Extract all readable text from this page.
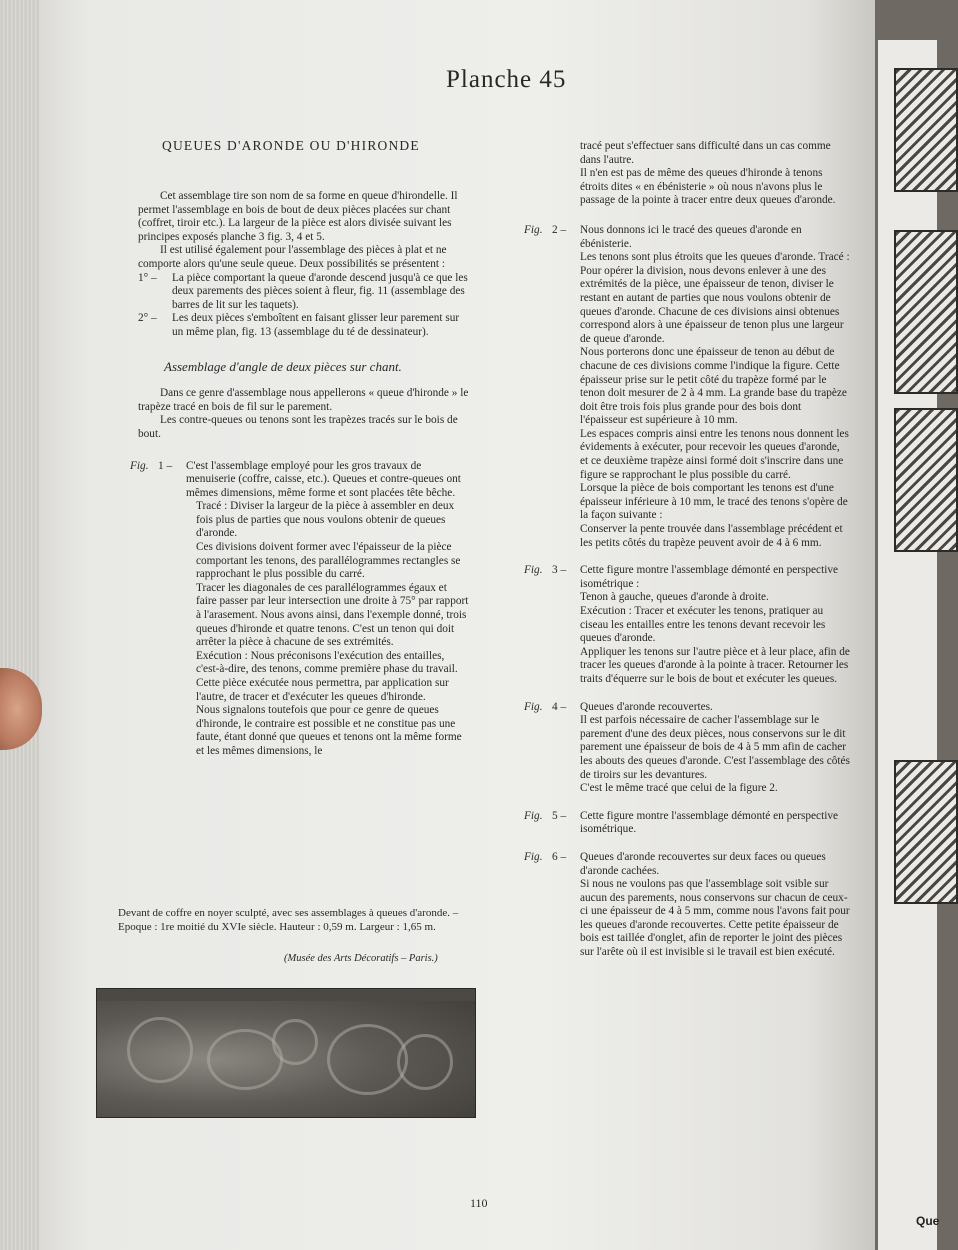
Que
Planche 45
QUEUES D'ARONDE OU D'HIRONDE

Cet assemblage tire son nom de sa forme en queue d'hirondelle. Il permet l'assemblage en bois de bout de deux pièces placées sur chant (coffret, tiroir etc.). La largeur de la pièce est alors divisée suivant les principes exposés planche 3 fig. 3, 4 et 5.

Il est utilisé également pour l'assemblage des pièces à plat et ne comporte alors qu'une seule queue. Deux possibilités se présentent :

1° – La pièce comportant la queue d'aronde descend jusqu'à ce que les deux parements des pièces soient à fleur, fig. 11 (assemblage des barres de lit sur les taquets).
2° – Les deux pièces s'emboîtent en faisant glisser leur parement sur un même plan, fig. 13 (assemblage du té de dessinateur).
Assemblage d'angle de deux pièces sur chant.

Dans ce genre d'assemblage nous appellerons « queue d'hironde » le trapèze tracé en bois de fil sur le parement.

Les contre-queues ou tenons sont les trapèzes tracés sur le bois de bout.

Fig. 1 – C'est l'assemblage employé pour les gros travaux de menuiserie (coffre, caisse, etc.). Queues et contre-queues ont mêmes dimensions, même forme et sont placées tête bêche.

Tracé : Diviser la largeur de la pièce à assembler en deux fois plus de parties que nous voulons obtenir de queues d'aronde.

Ces divisions doivent former avec l'épaisseur de la pièce comportant les tenons, des parallélogrammes rectangles se rapprochant le plus possible du carré.

Tracer les diagonales de ces parallélogrammes égaux et faire passer par leur intersection une droite à 75° par rapport à l'arasement. Nous avons ainsi, dans l'exemple donné, trois queues d'hironde et quatre tenons. C'est un tenon qui doit arrêter la pièce à chacune de ses extrémités.

Exécution : Nous préconisons l'exécution des entailles, c'est-à-dire, des tenons, comme première phase du travail. Cette pièce exécutée nous permettra, par application sur l'autre, de tracer et d'exécuter les queues d'hironde.

Nous signalons toutefois que pour ce genre de queues d'hironde, le contraire est possible et ne constitue pas une faute, étant donné que queues et tenons ont la même forme et les mêmes dimensions, le

Devant de coffre en noyer sculpté, avec ses assemblages à queues d'aronde. – Epoque : 1re moitié du XVIe siècle. Hauteur : 0,59 m. Largeur : 1,65 m.
(Musée des Arts Décoratifs – Paris.)

tracé peut s'effectuer sans difficulté dans un cas comme dans l'autre.

Il n'en est pas de même des queues d'hironde à tenons étroits dites « en ébénisterie » où nous n'avons plus le passage de la pointe à tracer entre deux queues d'aronde.

Fig. 2 – Nous donnons ici le tracé des queues d'aronde en ébénisterie.

Les tenons sont plus étroits que les queues d'aronde. Tracé : Pour opérer la division, nous devons enlever à une des extrémités de la pièce, une épaisseur de tenon, diviser le restant en autant de parties que nous voulons obtenir de queues d'aronde. Chacune de ces divisions ainsi obtenues correspond alors à une épaisseur de tenon plus une largeur de queue d'aronde.

Nous porterons donc une épaisseur de tenon au début de chacune de ces divisions comme l'indique la figure. Cette épaisseur prise sur le petit côté du trapèze formé par le tenon doit mesurer de 2 à 4 mm. La grande base du trapèze doit être trois fois plus grande pour des bois dont l'épaisseur est supérieure à 10 mm.

Les espaces compris ainsi entre les tenons nous donnent les évidements à exécuter, pour recevoir les queues d'aronde, et ce deuxième trapèze ainsi formé doit s'inscrire dans une figure se rapprochant le plus possible du carré.

Lorsque la pièce de bois comportant les tenons est d'une épaisseur inférieure à 10 mm, le tracé des tenons s'opère de la façon suivante :

Conserver la pente trouvée dans l'assemblage précédent et les petits côtés du trapèze peuvent avoir de 4 à 6 mm.

Fig. 3 – Cette figure montre l'assemblage démonté en perspective isométrique :

Tenon à gauche, queues d'aronde à droite.

Exécution : Tracer et exécuter les tenons, pratiquer au ciseau les entailles entre les tenons devant recevoir les queues d'aronde.

Appliquer les tenons sur l'autre pièce et à leur place, afin de tracer les queues d'aronde à la pointe à tracer. Retourner les traits d'équerre sur le bois de bout et exécuter les queues.

Fig. 4 – Queues d'aronde recouvertes.

Il est parfois nécessaire de cacher l'assemblage sur le parement d'une des deux pièces, nous conservons sur le dit parement une épaisseur de bois de 4 à 5 mm afin de cacher les abouts des queues d'aronde. C'est l'assemblage des côtés de tiroirs sur les devantures.

C'est le même tracé que celui de la figure 2.

Fig. 5 – Cette figure montre l'assemblage démonté en perspective isométrique.

Fig. 6 – Queues d'aronde recouvertes sur deux faces ou queues d'aronde cachées.

Si nous ne voulons pas que l'assemblage soit vsible sur aucun des parements, nous conservons sur chacun de ceux-ci une épaisseur de 4 à 5 mm, comme nous l'avons fait pour les queues d'aronde recouvertes. Cette petite épaisseur de bois est taillée d'onglet, afin de reporter le joint des pièces sur l'arête où il est invisible si le travail est bien exécuté.

110
